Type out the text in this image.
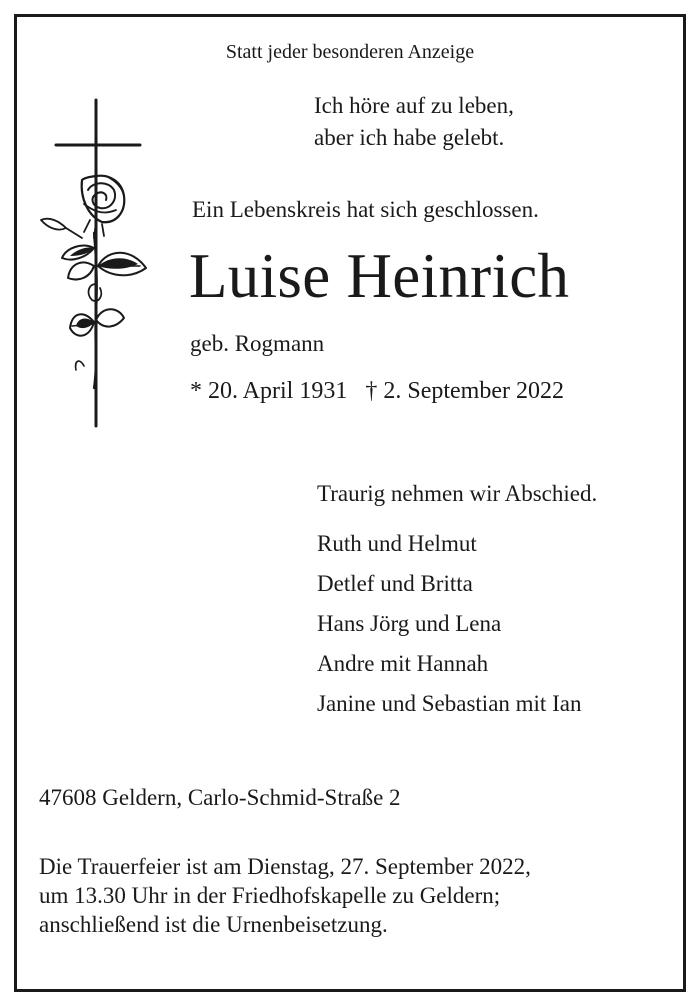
Statt jeder besonderen Anzeige
Ich höre auf zu leben,
aber ich habe gelebt.
Ein Lebenskreis hat sich geschlossen.
Luise Heinrich
geb. Rogmann
* 20. April 1931 † 2. September 2022
Traurig nehmen wir Abschied.
Ruth und Helmut
Detlef und Britta
Hans Jörg und Lena
Andre mit Hannah
Janine und Sebastian mit Ian
47608 Geldern, Carlo-Schmid-Straße 2
Die Trauerfeier ist am Dienstag, 27. September 2022,
um 13.30 Uhr in der Friedhofskapelle zu Geldern;
anschließend ist die Urnenbeisetzung.
